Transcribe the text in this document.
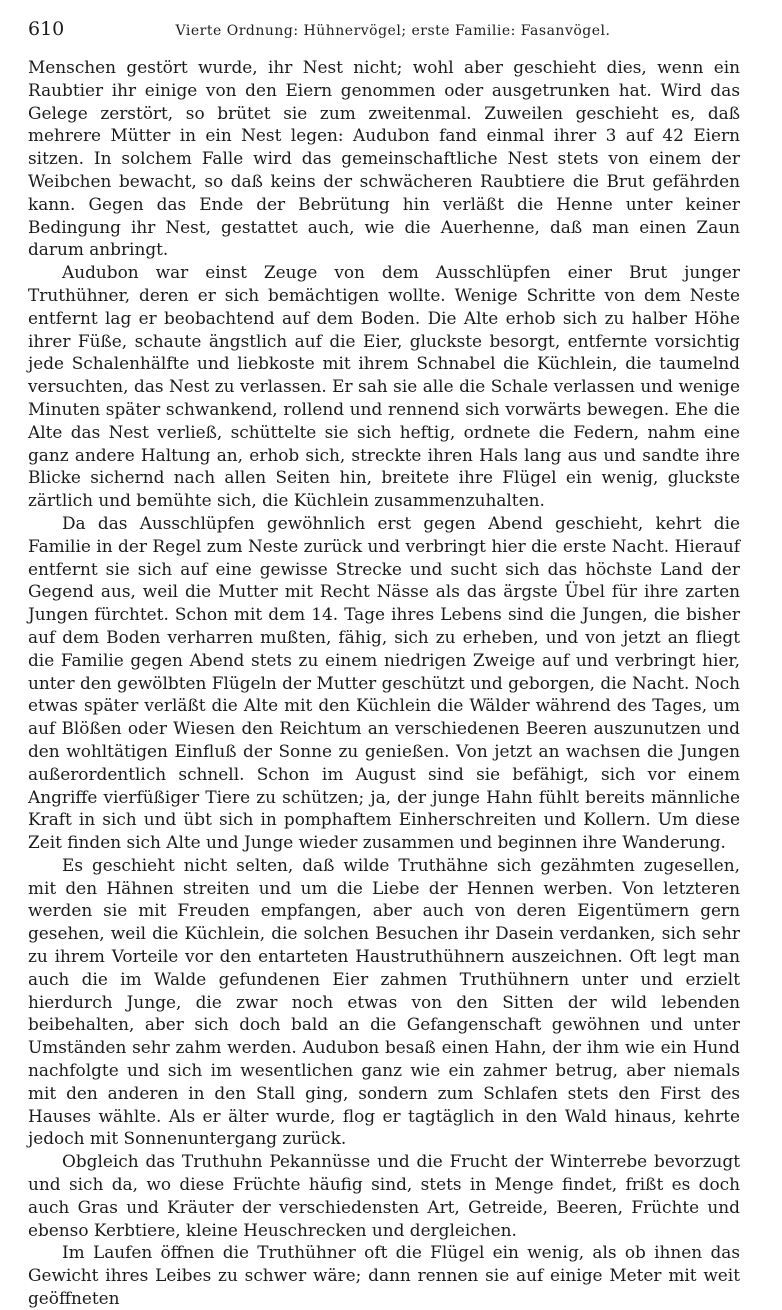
610	Vierte Ordnung: Hühnervögel; erste Familie: Fasanvögel.

Menschen gestört wurde, ihr Nest nicht; wohl aber geschieht dies, wenn ein Raubtier ihr einige von den Eiern genommen oder ausgetrunken hat. Wird das Gelege zerstört, so brütet sie zum zweitenmal. Zuweilen geschieht es, daß mehrere Mütter in ein Nest legen: Audubon fand einmal ihrer 3 auf 42 Eiern sitzen. In solchem Falle wird das gemeinschaftliche Nest stets von einem der Weibchen bewacht, so daß keins der schwächeren Raubtiere die Brut gefährden kann. Gegen das Ende der Bebrütung hin verläßt die Henne unter keiner Bedingung ihr Nest, gestattet auch, wie die Auerhenne, daß man einen Zaun darum anbringt.

Audubon war einst Zeuge von dem Ausschlüpfen einer Brut junger Truthühner, deren er sich bemächtigen wollte. Wenige Schritte von dem Neste entfernt lag er beobachtend auf dem Boden. Die Alte erhob sich zu halber Höhe ihrer Füße, schaute ängstlich auf die Eier, gluckste besorgt, entfernte vorsichtig jede Schalenhälfte und liebkoste mit ihrem Schnabel die Küchlein, die taumelnd versuchten, das Nest zu verlassen. Er sah sie alle die Schale verlassen und wenige Minuten später schwankend, rollend und rennend sich vorwärts bewegen. Ehe die Alte das Nest verließ, schüttelte sie sich heftig, ordnete die Federn, nahm eine ganz andere Haltung an, erhob sich, streckte ihren Hals lang aus und sandte ihre Blicke sichernd nach allen Seiten hin, breitete ihre Flügel ein wenig, gluckste zärtlich und bemühte sich, die Küchlein zusammenzuhalten.

Da das Ausschlüpfen gewöhnlich erst gegen Abend geschieht, kehrt die Familie in der Regel zum Neste zurück und verbringt hier die erste Nacht. Hierauf entfernt sie sich auf eine gewisse Strecke und sucht sich das höchste Land der Gegend aus, weil die Mutter mit Recht Nässe als das ärgste Übel für ihre zarten Jungen fürchtet. Schon mit dem 14. Tage ihres Lebens sind die Jungen, die bisher auf dem Boden verharren mußten, fähig, sich zu erheben, und von jetzt an fliegt die Familie gegen Abend stets zu einem niedrigen Zweige auf und verbringt hier, unter den gewölbten Flügeln der Mutter geschützt und geborgen, die Nacht. Noch etwas später verläßt die Alte mit den Küchlein die Wälder während des Tages, um auf Blößen oder Wiesen den Reichtum an verschiedenen Beeren auszunutzen und den wohltätigen Einfluß der Sonne zu genießen. Von jetzt an wachsen die Jungen außerordentlich schnell. Schon im August sind sie befähigt, sich vor einem Angriffe vierfüßiger Tiere zu schützen; ja, der junge Hahn fühlt bereits männliche Kraft in sich und übt sich in pomphaftem Einherschreiten und Kollern. Um diese Zeit finden sich Alte und Junge wieder zusammen und beginnen ihre Wanderung.

Es geschieht nicht selten, daß wilde Truthähne sich gezähmten zugesellen, mit den Hähnen streiten und um die Liebe der Hennen werben. Von letzteren werden sie mit Freuden empfangen, aber auch von deren Eigentümern gern gesehen, weil die Küchlein, die solchen Besuchen ihr Dasein verdanken, sich sehr zu ihrem Vorteile vor den entarteten Haustruthühnern auszeichnen. Oft legt man auch die im Walde gefundenen Eier zahmen Truthühnern unter und erzielt hierdurch Junge, die zwar noch etwas von den Sitten der wild lebenden beibehalten, aber sich doch bald an die Gefangenschaft gewöhnen und unter Umständen sehr zahm werden. Audubon besaß einen Hahn, der ihm wie ein Hund nachfolgte und sich im wesentlichen ganz wie ein zahmer betrug, aber niemals mit den anderen in den Stall ging, sondern zum Schlafen stets den First des Hauses wählte. Als er älter wurde, flog er tagtäglich in den Wald hinaus, kehrte jedoch mit Sonnenuntergang zurück.

Obgleich das Truthuhn Pekannüsse und die Frucht der Winterrebe bevorzugt und sich da, wo diese Früchte häufig sind, stets in Menge findet, frißt es doch auch Gras und Kräuter der verschiedensten Art, Getreide, Beeren, Früchte und ebenso Kerbtiere, kleine Heuschrecken und dergleichen.

Im Laufen öffnen die Truthühner oft die Flügel ein wenig, als ob ihnen das Gewicht ihres Leibes zu schwer wäre; dann rennen sie auf einige Meter mit weit geöffneten
